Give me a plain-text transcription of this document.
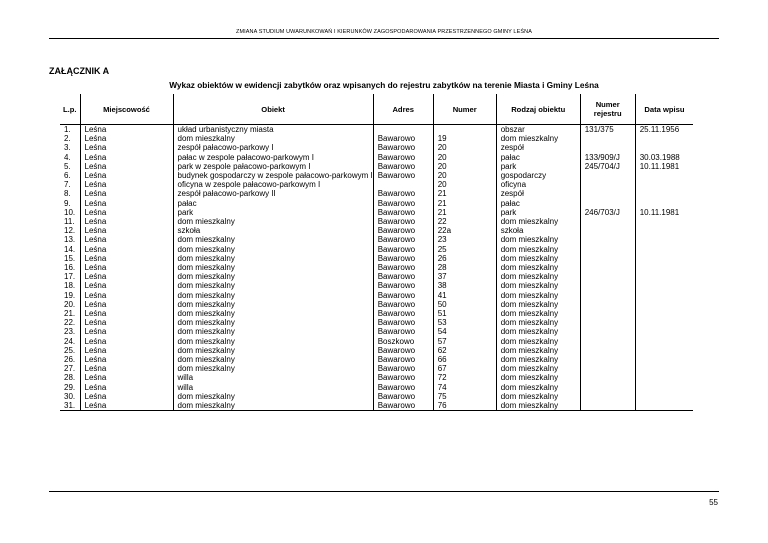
ZMIANA STUDIUM UWARUNKOWAŃ I KIERUNKÓW ZAGOSPODAROWANIA PRZESTRZENNEGO GMINY LEŚNA
ZAŁĄCZNIK A
Wykaz obiektów w ewidencji zabytków oraz wpisanych do rejestru zabytków na terenie Miasta i Gminy Leśna
L.p.	Miejscowość	Obiekt	Adres	Numer	Rodzaj obiektu	Numer rejestru	Data wpisu
1.	Leśna	układ urbanistyczny miasta			obszar	131/375	25.11.1956
2.	Leśna	dom mieszkalny	Bawarowo	19	dom mieszkalny		
3.	Leśna	zespół pałacowo-parkowy I	Bawarowo	20	zespół		
4.	Leśna	pałac w zespole pałacowo-parkowym I	Bawarowo	20	pałac	133/909/J	30.03.1988
5.	Leśna	park w zespole pałacowo-parkowym I	Bawarowo	20	park	245/704/J	10.11.1981
6.	Leśna	budynek gospodarczy w zespole pałacowo-parkowym I	Bawarowo	20	gospodarczy		
7.	Leśna	oficyna w zespole pałacowo-parkowym I		20	oficyna		
8.	Leśna	zespół pałacowo-parkowy II	Bawarowo	21	zespół		
9.	Leśna	pałac	Bawarowo	21	pałac		
10.	Leśna	park	Bawarowo	21	park	246/703/J	10.11.1981
11.	Leśna	dom mieszkalny	Bawarowo	22	dom mieszkalny		
12.	Leśna	szkoła	Bawarowo	22a	szkoła		
13.	Leśna	dom mieszkalny	Bawarowo	23	dom mieszkalny		
14.	Leśna	dom mieszkalny	Bawarowo	25	dom mieszkalny		
15.	Leśna	dom mieszkalny	Bawarowo	26	dom mieszkalny		
16.	Leśna	dom mieszkalny	Bawarowo	28	dom mieszkalny		
17.	Leśna	dom mieszkalny	Bawarowo	37	dom mieszkalny		
18.	Leśna	dom mieszkalny	Bawarowo	38	dom mieszkalny		
19.	Leśna	dom mieszkalny	Bawarowo	41	dom mieszkalny		
20.	Leśna	dom mieszkalny	Bawarowo	50	dom mieszkalny		
21.	Leśna	dom mieszkalny	Bawarowo	51	dom mieszkalny		
22.	Leśna	dom mieszkalny	Bawarowo	53	dom mieszkalny		
23.	Leśna	dom mieszkalny	Bawarowo	54	dom mieszkalny		
24.	Leśna	dom mieszkalny	Boszkowo	57	dom mieszkalny		
25.	Leśna	dom mieszkalny	Bawarowo	62	dom mieszkalny		
26.	Leśna	dom mieszkalny	Bawarowo	66	dom mieszkalny		
27.	Leśna	dom mieszkalny	Bawarowo	67	dom mieszkalny		
28.	Leśna	willa	Bawarowo	72	dom mieszkalny		
29.	Leśna	willa	Bawarowo	74	dom mieszkalny		
30.	Leśna	dom mieszkalny	Bawarowo	75	dom mieszkalny		
31.	Leśna	dom mieszkalny	Bawarowo	76	dom mieszkalny		
55
